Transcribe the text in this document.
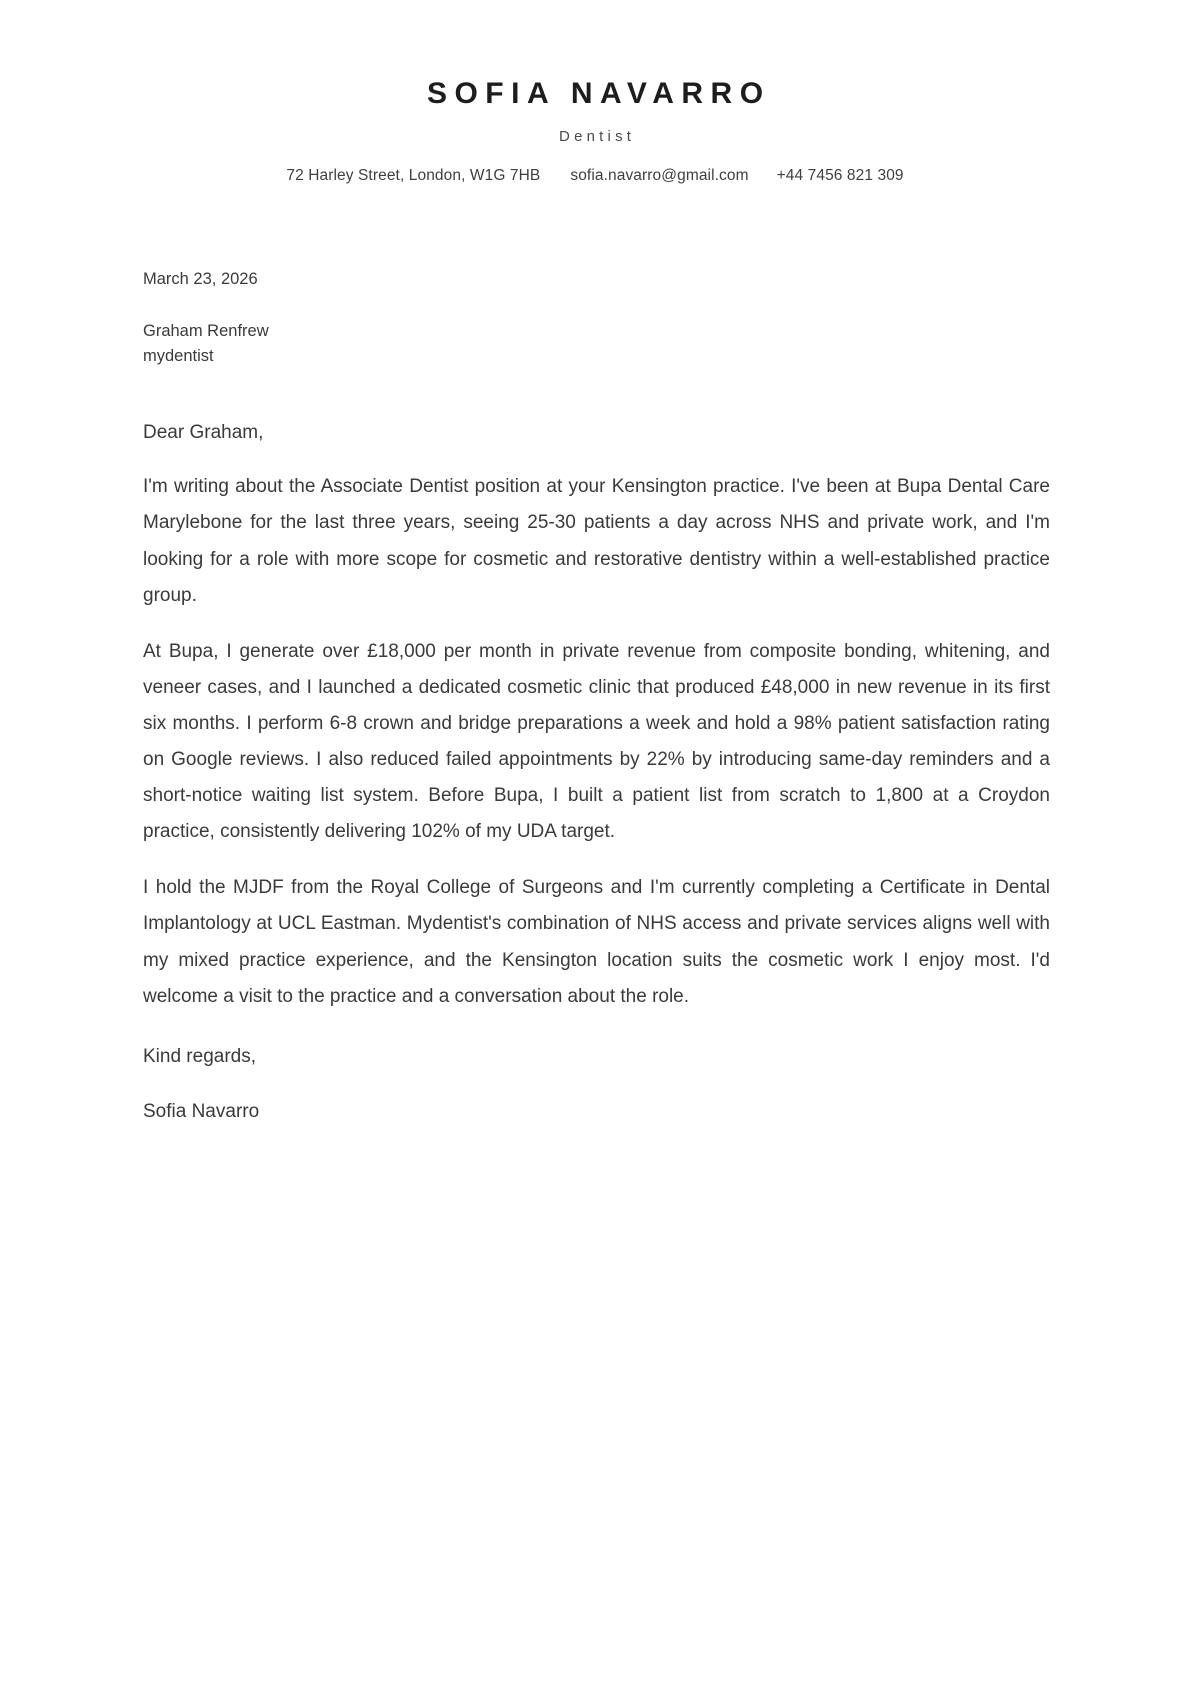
SOFIA NAVARRO
Dentist
72 Harley Street, London, W1G 7HB sofia.navarro@gmail.com +44 7456 821 309
March 23, 2026
Graham Renfrew
mydentist
Dear Graham,

I'm writing about the Associate Dentist position at your Kensington practice. I've been at Bupa Dental Care Marylebone for the last three years, seeing 25-30 patients a day across NHS and private work, and I'm looking for a role with more scope for cosmetic and restorative dentistry within a well-established practice group.

At Bupa, I generate over £18,000 per month in private revenue from composite bonding, whitening, and veneer cases, and I launched a dedicated cosmetic clinic that produced £48,000 in new revenue in its first six months. I perform 6-8 crown and bridge preparations a week and hold a 98% patient satisfaction rating on Google reviews. I also reduced failed appointments by 22% by introducing same-day reminders and a short-notice waiting list system. Before Bupa, I built a patient list from scratch to 1,800 at a Croydon practice, consistently delivering 102% of my UDA target.

I hold the MJDF from the Royal College of Surgeons and I'm currently completing a Certificate in Dental Implantology at UCL Eastman. Mydentist's combination of NHS access and private services aligns well with my mixed practice experience, and the Kensington location suits the cosmetic work I enjoy most. I'd welcome a visit to the practice and a conversation about the role.

Kind regards,
Sofia Navarro
